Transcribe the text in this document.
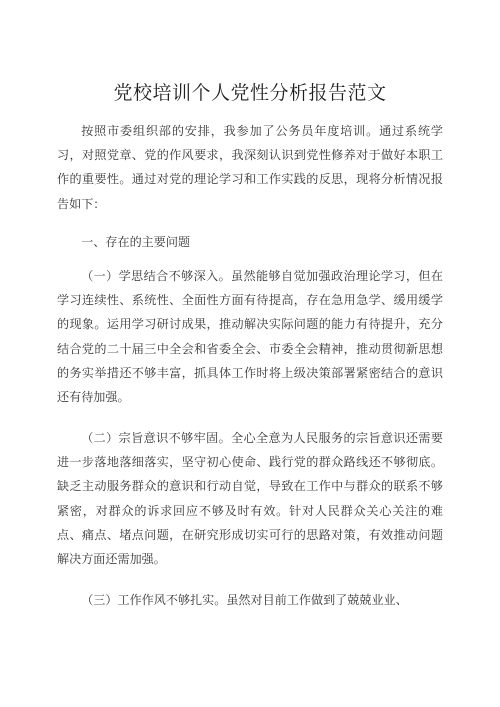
党校培训个人党性分析报告范文

按照市委组织部的安排，我参加了公务员年度培训。通过系统学习，对照党章、党的作风要求，我深刻认识到党性修养对于做好本职工作的重要性。通过对党的理论学习和工作实践的反思，现将分析情况报告如下：

一、存在的主要问题

（一）学思结合不够深入。虽然能够自觉加强政治理论学习，但在学习连续性、系统性、全面性方面有待提高，存在急用急学、缓用缓学的现象。运用学习研讨成果，推动解决实际问题的能力有待提升，充分结合党的二十届三中全会和省委全会、市委全会精神，推动贯彻新思想的务实举措还不够丰富，抓具体工作时将上级决策部署紧密结合的意识还有待加强。

（二）宗旨意识不够牢固。全心全意为人民服务的宗旨意识还需要进一步落地落细落实，坚守初心使命、践行党的群众路线还不够彻底。缺乏主动服务群众的意识和行动自觉，导致在工作中与群众的联系不够紧密，对群众的诉求回应不够及时有效。针对人民群众关心关注的难点、痛点、堵点问题，在研究形成切实可行的思路对策，有效推动问题解决方面还需加强。

（三）工作作风不够扎实。虽然对目前工作做到了兢兢业业、
